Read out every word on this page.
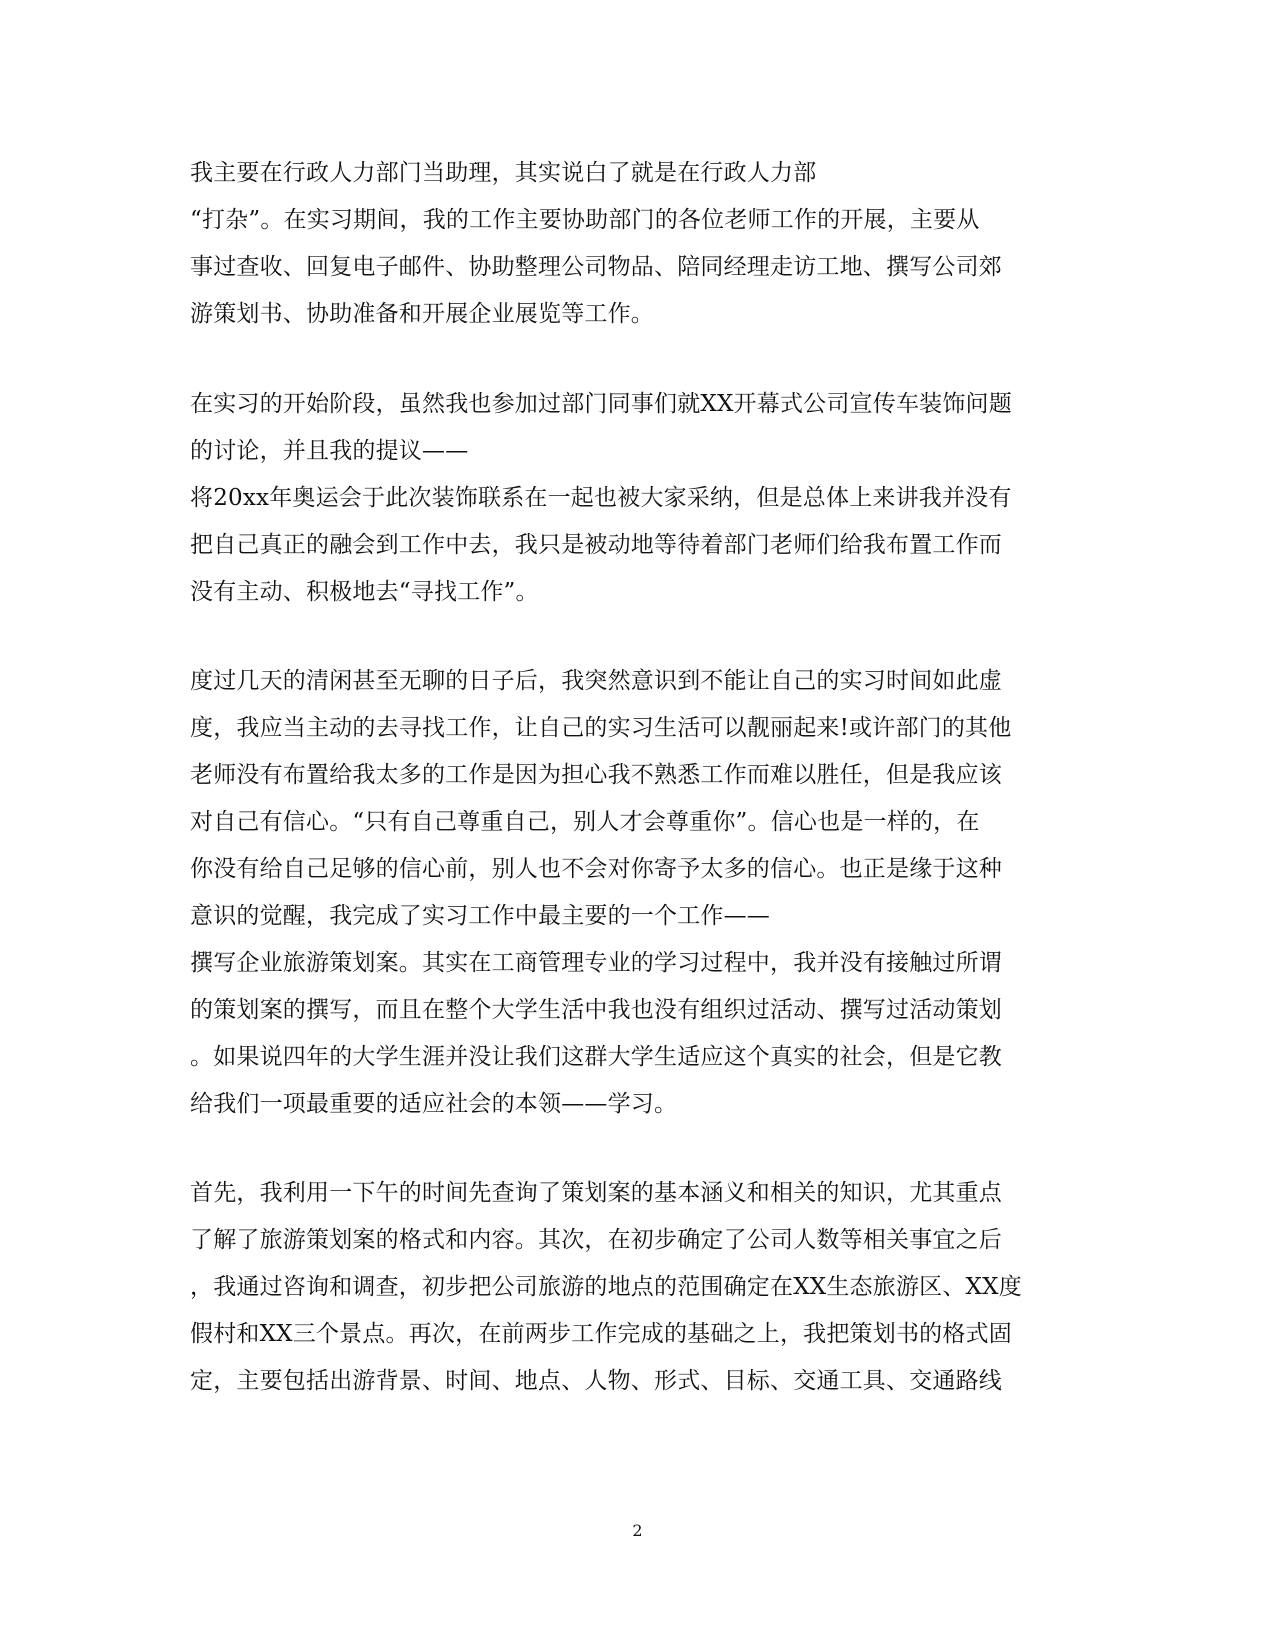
我主要在行政人力部门当助理，其实说白了就是在行政人力部
“打杂”。在实习期间，我的工作主要协助部门的各位老师工作的开展，主要从
事过查收、回复电子邮件、协助整理公司物品、陪同经理走访工地、撰写公司郊
游策划书、协助准备和开展企业展览等工作。
在实习的开始阶段，虽然我也参加过部门同事们就XX开幕式公司宣传车装饰问题
的讨论，并且我的提议——
将20xx年奥运会于此次装饰联系在一起也被大家采纳，但是总体上来讲我并没有
把自己真正的融会到工作中去，我只是被动地等待着部门老师们给我布置工作而
没有主动、积极地去“寻找工作”。
度过几天的清闲甚至无聊的日子后，我突然意识到不能让自己的实习时间如此虚
度，我应当主动的去寻找工作，让自己的实习生活可以靓丽起来!或许部门的其他
老师没有布置给我太多的工作是因为担心我不熟悉工作而难以胜任，但是我应该
对自己有信心。“只有自己尊重自己，别人才会尊重你”。信心也是一样的，在
你没有给自己足够的信心前，别人也不会对你寄予太多的信心。也正是缘于这种
意识的觉醒，我完成了实习工作中最主要的一个工作——
撰写企业旅游策划案。其实在工商管理专业的学习过程中，我并没有接触过所谓
的策划案的撰写，而且在整个大学生活中我也没有组织过活动、撰写过活动策划
。如果说四年的大学生涯并没让我们这群大学生适应这个真实的社会，但是它教
给我们一项最重要的适应社会的本领——学习。
首先，我利用一下午的时间先查询了策划案的基本涵义和相关的知识，尤其重点
了解了旅游策划案的格式和内容。其次，在初步确定了公司人数等相关事宜之后
，我通过咨询和调查，初步把公司旅游的地点的范围确定在XX生态旅游区、XX度
假村和XX三个景点。再次，在前两步工作完成的基础之上，我把策划书的格式固
定，主要包括出游背景、时间、地点、人物、形式、目标、交通工具、交通路线
2
